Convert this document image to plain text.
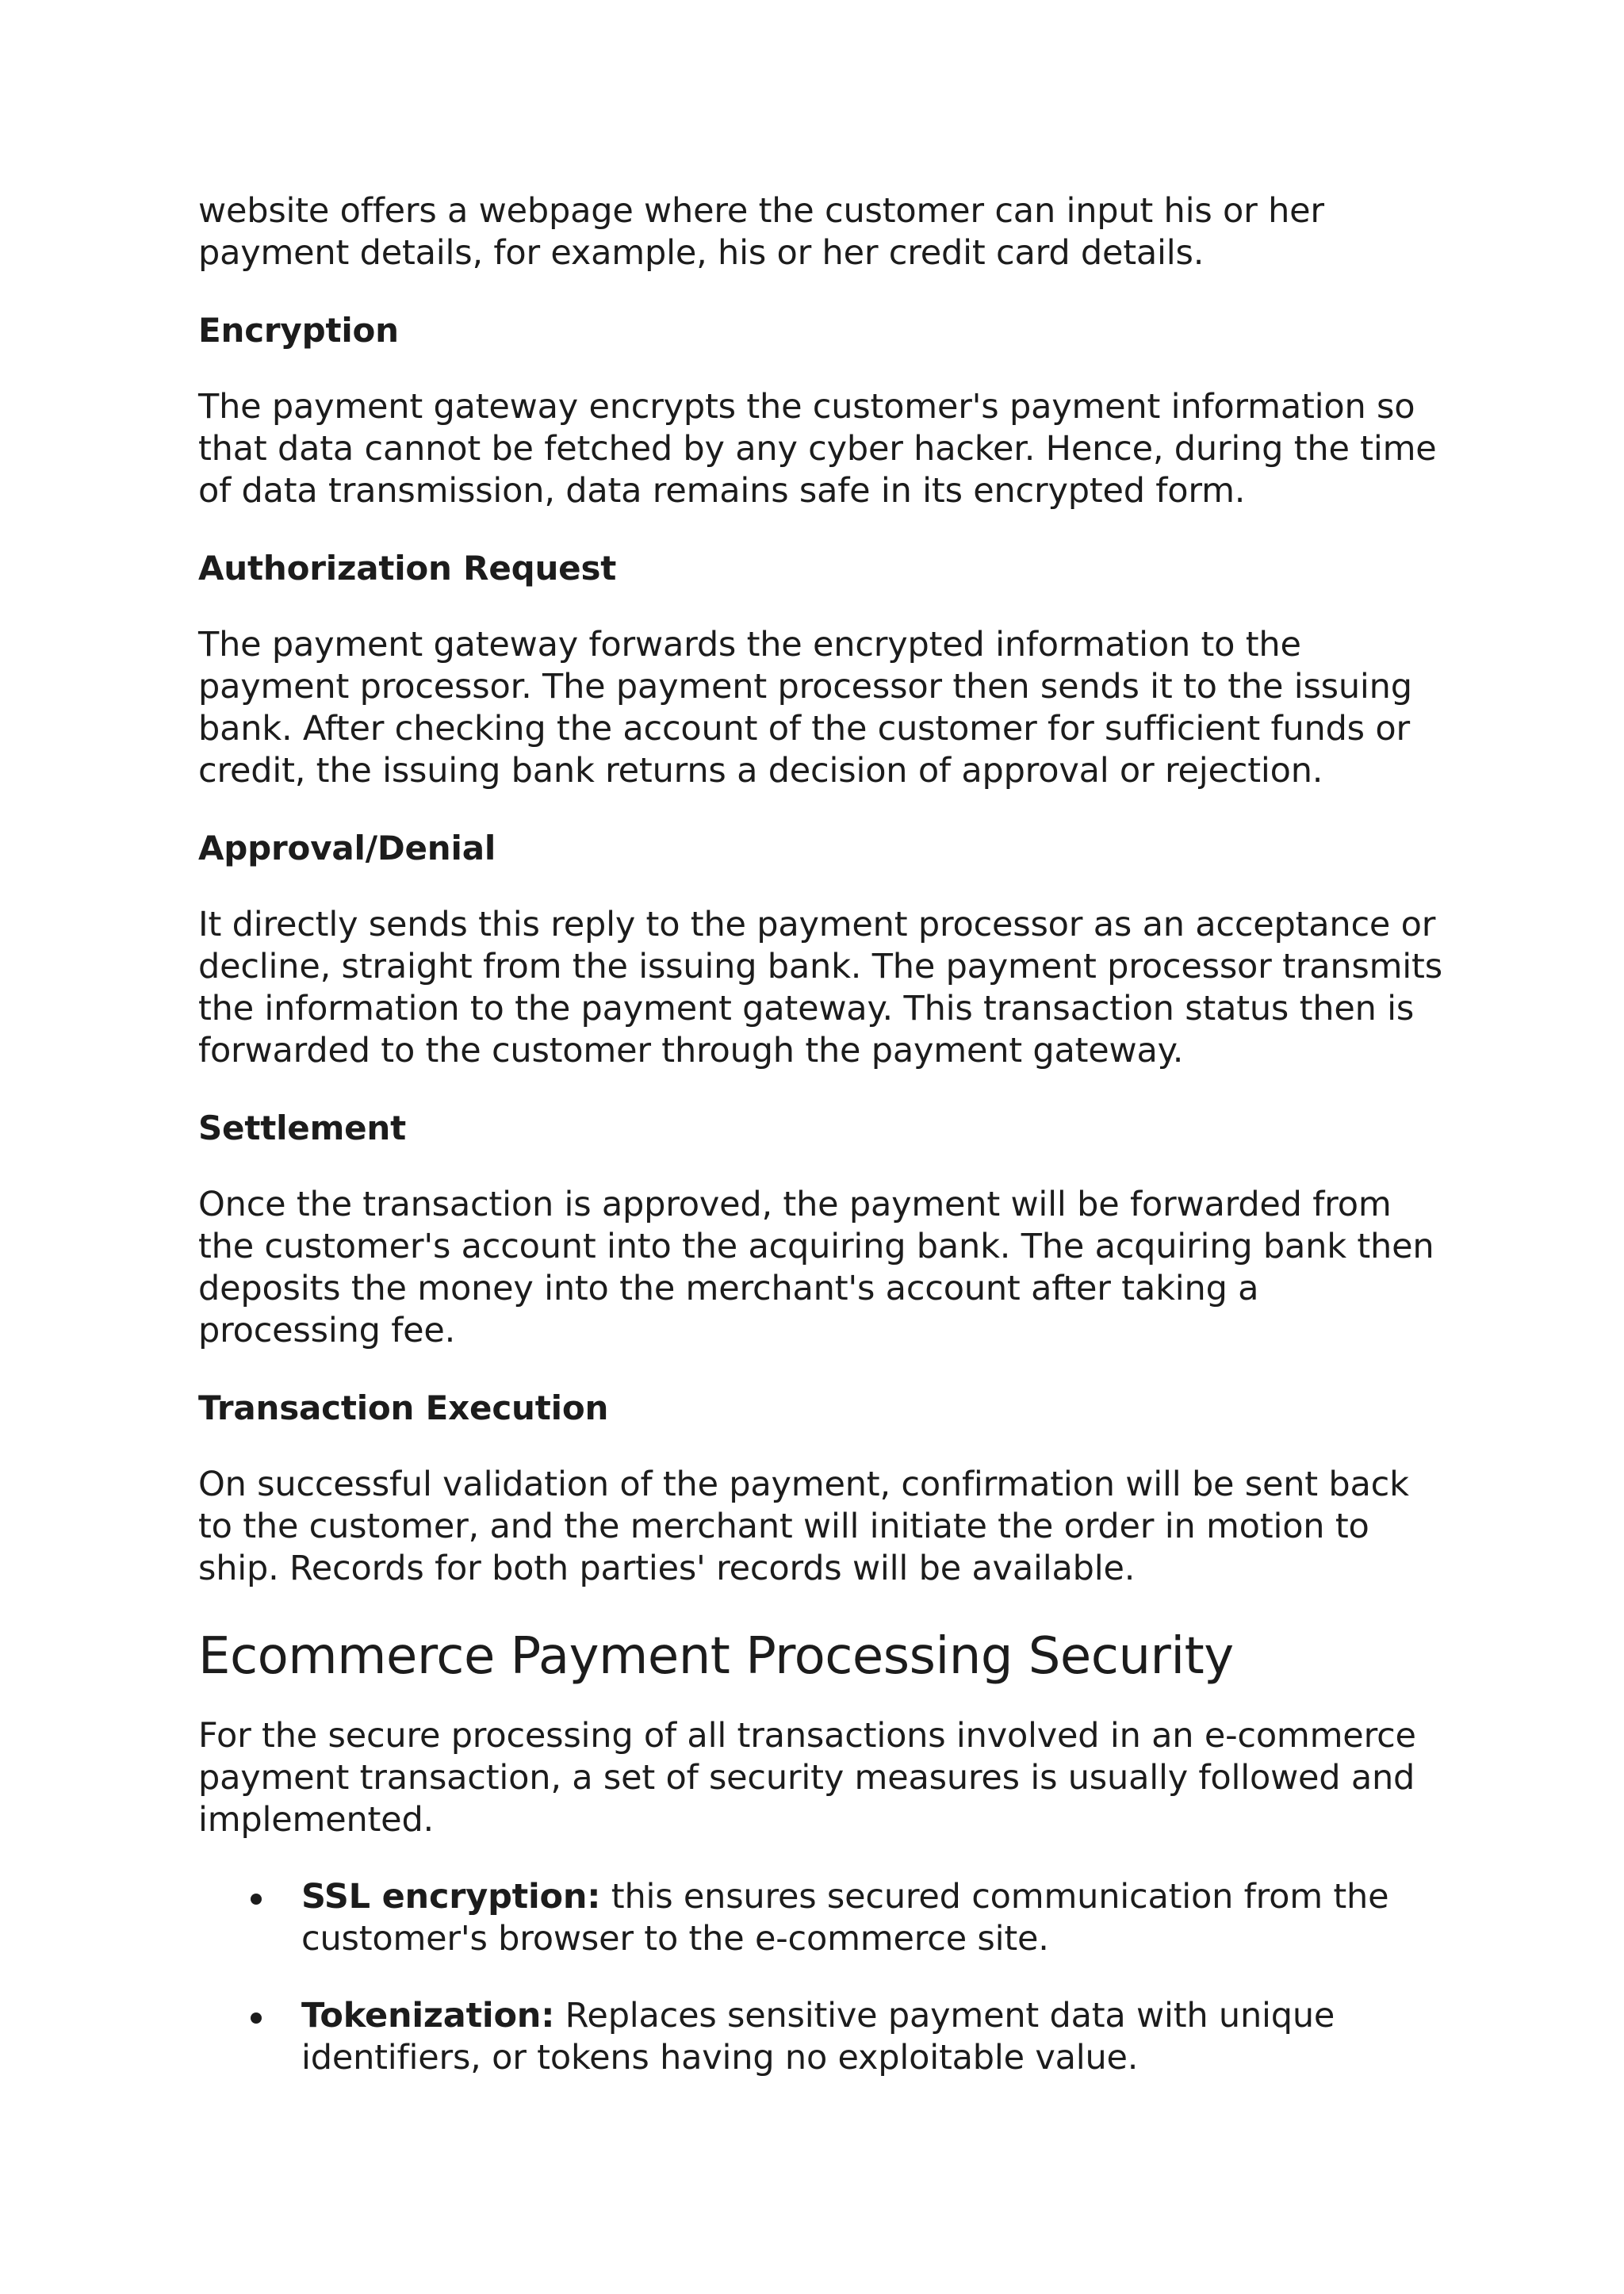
website offers a webpage where the customer can input his or her payment details, for example, his or her credit card details.

Encryption

The payment gateway encrypts the customer's payment information so that data cannot be fetched by any cyber hacker. Hence, during the time of data transmission, data remains safe in its encrypted form.

Authorization Request

The payment gateway forwards the encrypted information to the payment processor. The payment processor then sends it to the issuing bank. After checking the account of the customer for sufficient funds or credit, the issuing bank returns a decision of approval or rejection.

Approval/Denial

It directly sends this reply to the payment processor as an acceptance or decline, straight from the issuing bank. The payment processor transmits the information to the payment gateway. This transaction status then is forwarded to the customer through the payment gateway.

Settlement

Once the transaction is approved, the payment will be forwarded from the customer's account into the acquiring bank. The acquiring bank then deposits the money into the merchant's account after taking a processing fee.

Transaction Execution

On successful validation of the payment, confirmation will be sent back to the customer, and the merchant will initiate the order in motion to ship. Records for both parties' records will be available.

Ecommerce Payment Processing Security

For the secure processing of all transactions involved in an e-commerce payment transaction, a set of security measures is usually followed and implemented.

SSL encryption: this ensures secured communication from the customer's browser to the e-commerce site.
Tokenization: Replaces sensitive payment data with unique identifiers, or tokens having no exploitable value.
